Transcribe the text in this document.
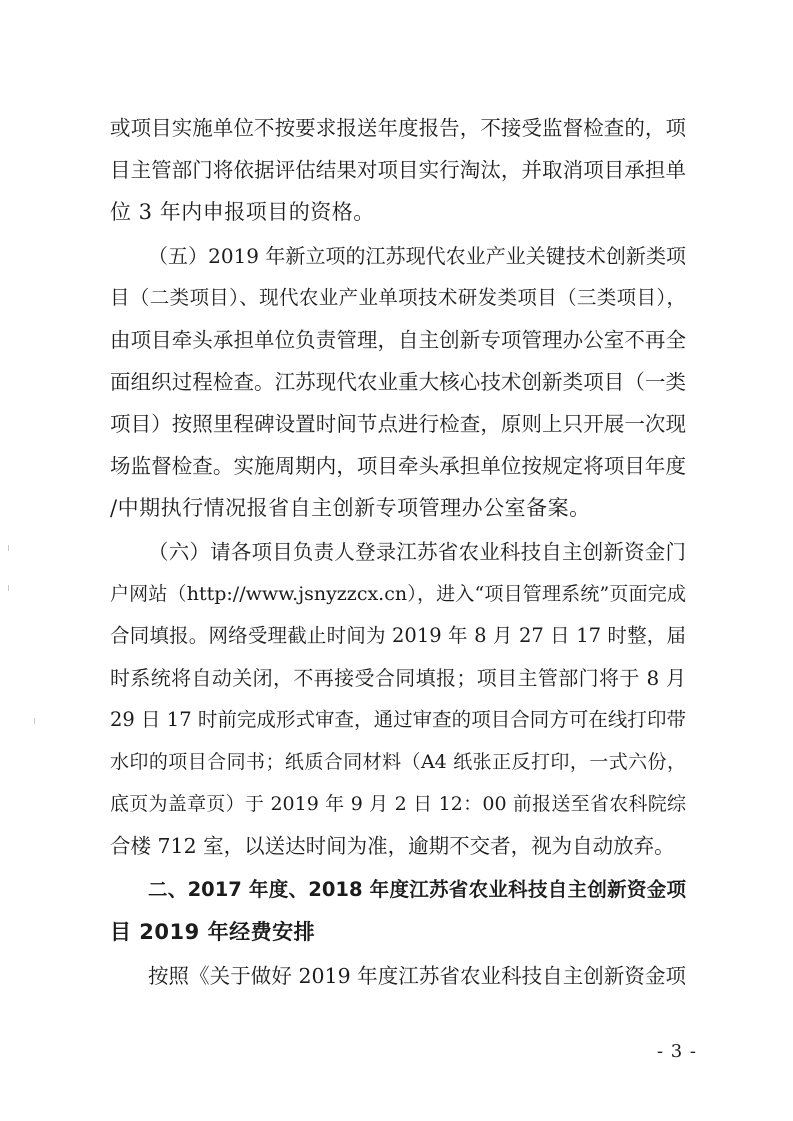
或项目实施单位不按要求报送年度报告，不接受监督检查的，项
目主管部门将依据评估结果对项目实行淘汰，并取消项目承担单
位 3 年内申报项目的资格。
（五）2019 年新立项的江苏现代农业产业关键技术创新类项
目（二类项目）、现代农业产业单项技术研发类项目（三类项目），
由项目牵头承担单位负责管理，自主创新专项管理办公室不再全
面组织过程检查。江苏现代农业重大核心技术创新类项目（一类
项目）按照里程碑设置时间节点进行检查，原则上只开展一次现
场监督检查。实施周期内，项目牵头承担单位按规定将项目年度
/中期执行情况报省自主创新专项管理办公室备案。
（六）请各项目负责人登录江苏省农业科技自主创新资金门
户网站（http://www.jsnyzzcx.cn），进入“项目管理系统”页面完成
合同填报。网络受理截止时间为 2019 年 8 月 27 日 17 时整，届
时系统将自动关闭，不再接受合同填报；项目主管部门将于 8 月
29 日 17 时前完成形式审查，通过审查的项目合同方可在线打印带
水印的项目合同书；纸质合同材料（A4 纸张正反打印，一式六份，
底页为盖章页）于 2019 年 9 月 2 日 12：00 前报送至省农科院综
合楼 712 室，以送达时间为准，逾期不交者，视为自动放弃。
二、2017 年度、2018 年度江苏省农业科技自主创新资金项
目 2019 年经费安排
按照《关于做好 2019 年度江苏省农业科技自主创新资金项
- 3 -
